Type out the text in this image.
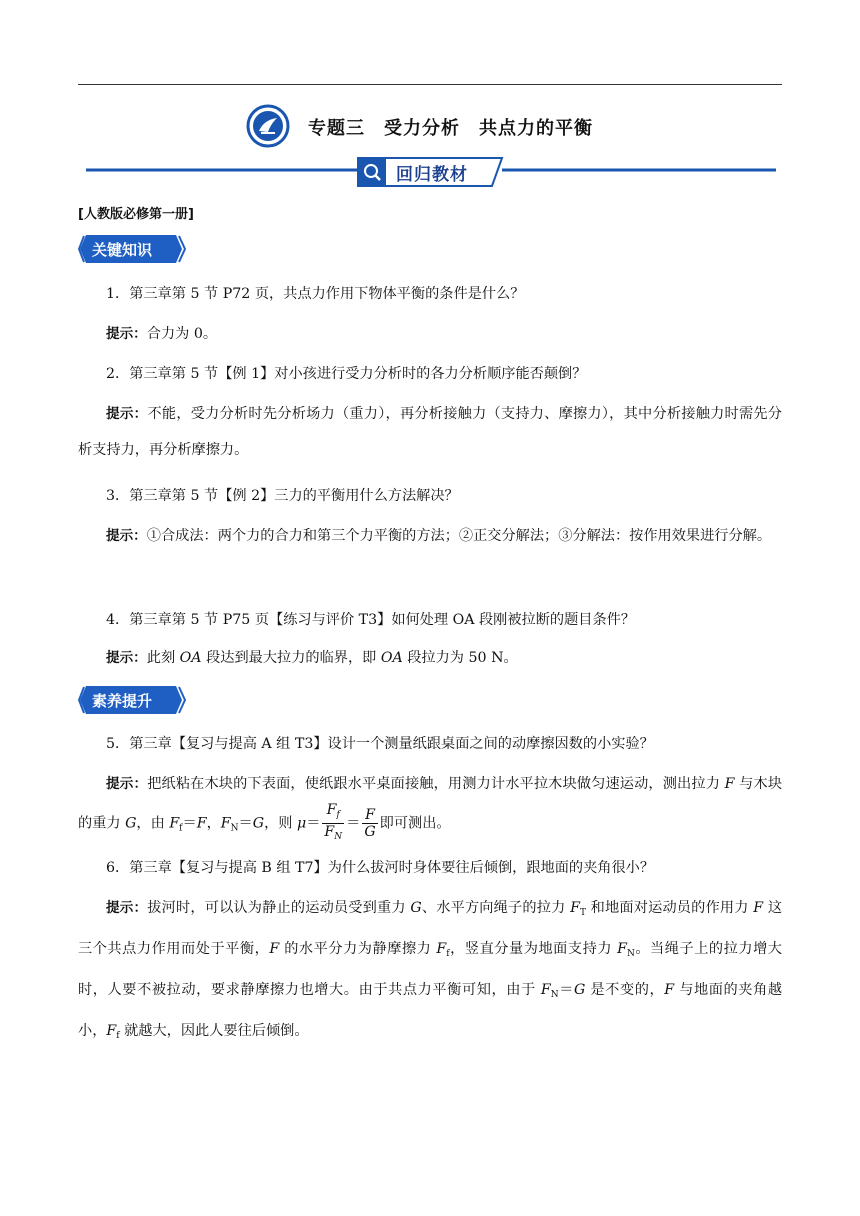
专题三　受力分析　共点力的平衡
回归教材
[人教版必修第一册]
关键知识

1．第三章第 5 节 P72 页，共点力作用下物体平衡的条件是什么？

提示：合力为 0。

2．第三章第 5 节【例 1】对小孩进行受力分析时的各力分析顺序能否颠倒？

提示：不能，受力分析时先分析场力（重力），再分析接触力（支持力、摩擦力），其中分析接触力时需先分析支持力，再分析摩擦力。

3．第三章第 5 节【例 2】三力的平衡用什么方法解决？

提示：①合成法：两个力的合力和第三个力平衡的方法；②正交分解法；③分解法：按作用效果进行分解。

4．第三章第 5 节 P75 页【练习与评价 T3】如何处理 OA 段刚被拉断的题目条件？

提示：此刻 OA 段达到最大拉力的临界，即 OA 段拉力为 50 N。

素养提升

5．第三章【复习与提高 A 组 T3】设计一个测量纸跟桌面之间的动摩擦因数的小实验？

提示：把纸粘在木块的下表面，使纸跟水平桌面接触，用测力计水平拉木块做匀速运动，测出拉力 F 与木块的重力 G，由 $F_f=F$，$F_N=G$，则 $\mu= \frac{F_f}{F_N} = \frac{F}{G}$ 即可测出。

6．第三章【复习与提高 B 组 T7】为什么拔河时身体要往后倾倒，跟地面的夹角很小？

提示：拔河时，可以认为静止的运动员受到重力 G、水平方向绳子的拉力 $F_T$ 和地面对运动员的作用力 F 这三个共点力作用而处于平衡，F 的水平分力为静摩擦力 $F_f$，竖直分量为地面支持力 $F_N$。当绳子上的拉力增大时，人要不被拉动，要求静摩擦力也增大。由于共点力平衡可知，由于 $F_N=G$ 是不变的，F 与地面的夹角越小，$F_f$ 就越大，因此人要往后倾倒。
